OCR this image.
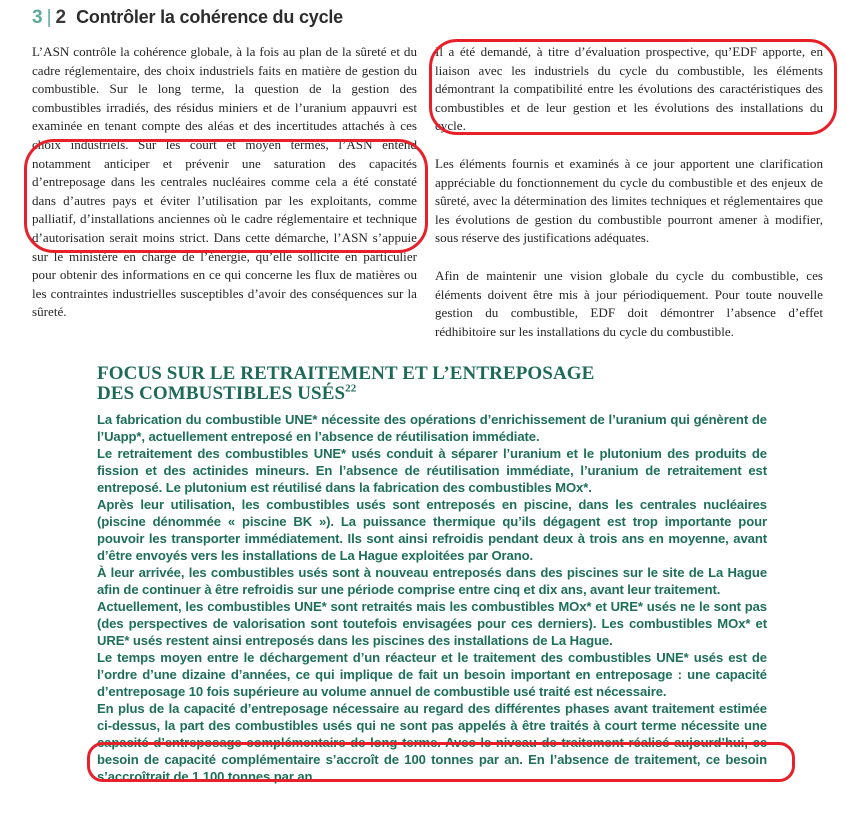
3 | 2 Contrôler la cohérence du cycle

L’ASN contrôle la cohérence globale, à la fois au plan de la sûreté et du cadre réglementaire, des choix industriels faits en matière de gestion du combustible. Sur le long terme, la question de la gestion des combustibles irradiés, des résidus miniers et de l’uranium appauvri est examinée en tenant compte des aléas et des incertitudes attachés à ces choix industriels. Sur les court et moyen termes, l’ASN entend notamment anticiper et prévenir une saturation des capacités d’entreposage dans les centrales nucléaires comme cela a été constaté dans d’autres pays et éviter l’utilisation par les exploitants, comme palliatif, d’installations anciennes où le cadre réglementaire et technique d’autorisation serait moins strict. Dans cette démarche, l’ASN s’appuie sur le ministère en charge de l’énergie, qu’elle sollicite en particulier pour obtenir des informations en ce qui concerne les flux de matières ou les contraintes industrielles susceptibles d’avoir des conséquences sur la sûreté.

Il a été demandé, à titre d’évaluation prospective, qu’EDF apporte, en liaison avec les industriels du cycle du combustible, les éléments démontrant la compatibilité entre les évolutions des caractéristiques des combustibles et de leur gestion et les évolutions des installations du cycle.

Les éléments fournis et examinés à ce jour apportent une clarification appréciable du fonctionnement du cycle du combustible et des enjeux de sûreté, avec la détermination des limites techniques et réglementaires que les évolutions de gestion du combustible pourront amener à modifier, sous réserve des justifications adéquates.

Afin de maintenir une vision globale du cycle du combustible, ces éléments doivent être mis à jour périodiquement. Pour toute nouvelle gestion du combustible, EDF doit démontrer l’absence d’effet rédhibitoire sur les installations du cycle du combustible.

FOCUS SUR LE RETRAITEMENT ET L’ENTREPOSAGE
DES COMBUSTIBLES USÉS$^{22}$

La fabrication du combustible UNE* nécessite des opérations d’enrichissement de l’uranium qui génèrent de l’Uapp*, actuellement entreposé en l’absence de réutilisation immédiate.

Le retraitement des combustibles UNE* usés conduit à séparer l’uranium et le plutonium des produits de fission et des actinides mineurs. En l’absence de réutilisation immédiate, l’uranium de retraitement est entreposé. Le plutonium est réutilisé dans la fabrication des combustibles MOx*.

Après leur utilisation, les combustibles usés sont entreposés en piscine, dans les centrales nucléaires (piscine dénommée « piscine BK »). La puissance thermique qu’ils dégagent est trop importante pour pouvoir les transporter immédiatement. Ils sont ainsi refroidis pendant deux à trois ans en moyenne, avant d’être envoyés vers les installations de La Hague exploitées par Orano.

À leur arrivée, les combustibles usés sont à nouveau entreposés dans des piscines sur le site de La Hague afin de continuer à être refroidis sur une période comprise entre cinq et dix ans, avant leur traitement.

Actuellement, les combustibles UNE* sont retraités mais les combustibles MOx* et URE* usés ne le sont pas (des perspectives de valorisation sont toutefois envisagées pour ces derniers). Les combustibles MOx* et URE* usés restent ainsi entreposés dans les piscines des installations de La Hague.

Le temps moyen entre le déchargement d’un réacteur et le traitement des combustibles UNE* usés est de l’ordre d’une dizaine d’années, ce qui implique de fait un besoin important en entreposage : une capacité d’entreposage 10 fois supérieure au volume annuel de combustible usé traité est nécessaire.

En plus de la capacité d’entreposage nécessaire au regard des différentes phases avant traitement estimée ci-dessus, la part des combustibles usés qui ne sont pas appelés à être traités à court terme nécessite une capacité d’entreposage complémentaire de long terme. Avec le niveau de traitement réalisé aujourd’hui, ce besoin de capacité complémentaire s’accroît de 100 tonnes par an. En l’absence de traitement, ce besoin s’accroîtrait de 1 100 tonnes par an.
